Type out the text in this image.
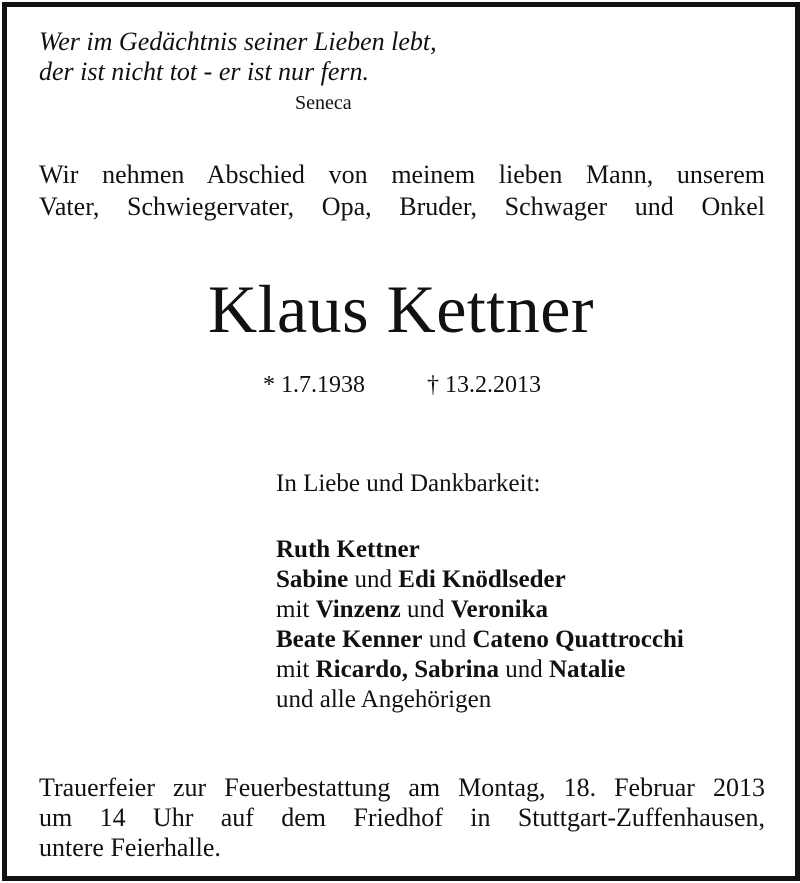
Wer im Gedächtnis seiner Lieben lebt,
der ist nicht tot - er ist nur fern.
Seneca
Wir nehmen Abschied von meinem lieben Mann, unserem
Vater, Schwiegervater, Opa, Bruder, Schwager und Onkel
Klaus Kettner
* 1.7.1938	† 13.2.2013
In Liebe und Dankbarkeit:
Ruth Kettner
Sabine und Edi Knödlseder
mit Vinzenz und Veronika
Beate Kenner und Cateno Quattrocchi
mit Ricardo, Sabrina und Natalie
und alle Angehörigen
Trauerfeier zur Feuerbestattung am Montag, 18. Februar 2013
um 14 Uhr auf dem Friedhof in Stuttgart-Zuffenhausen,
untere Feierhalle.
